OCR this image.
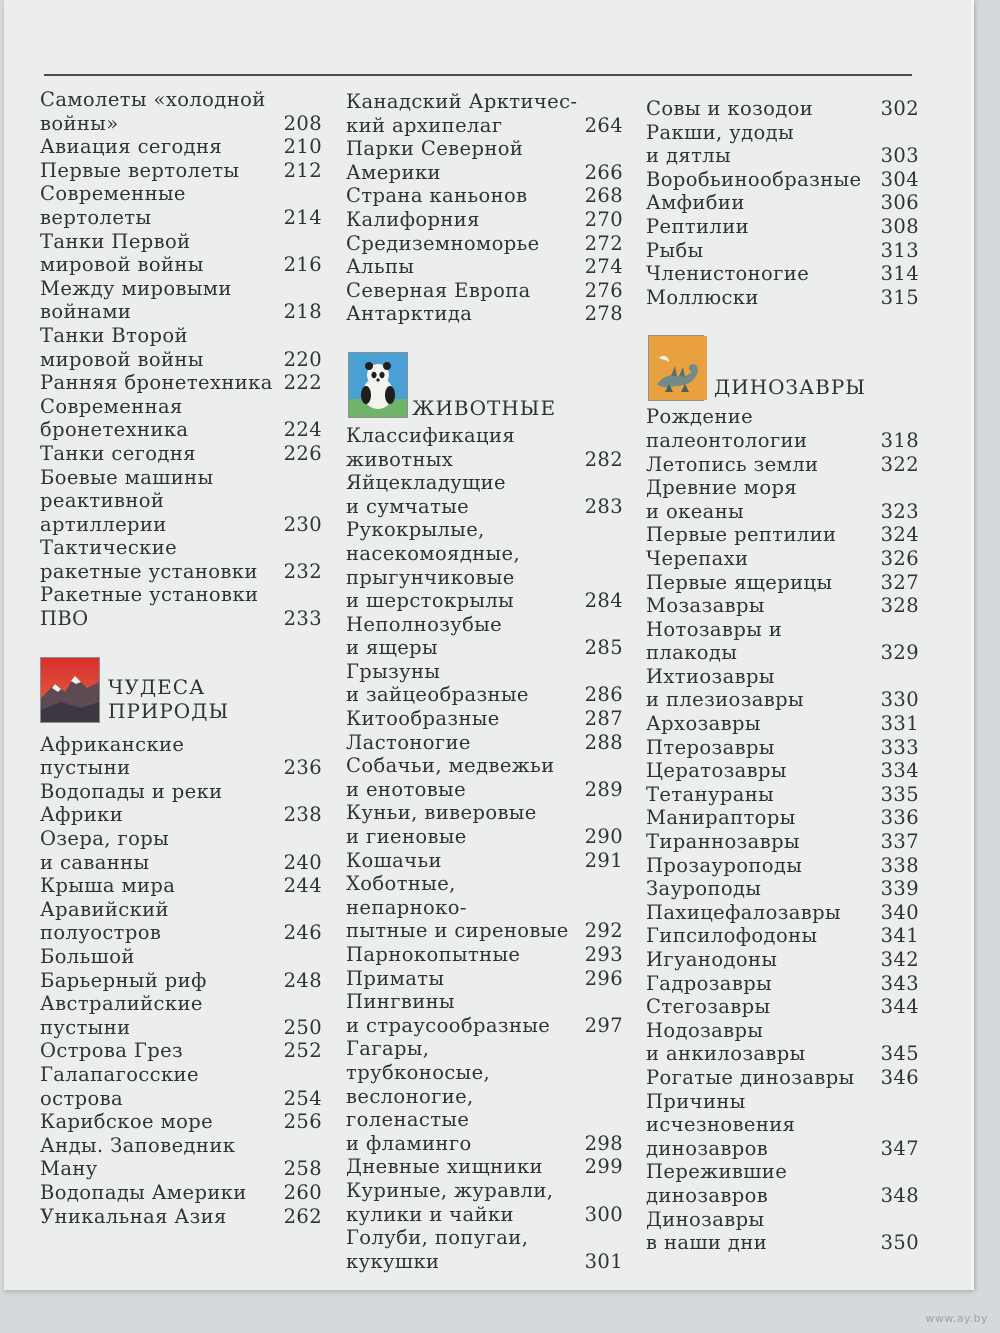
Самолеты «холодной
войны»	208
Авиация сегодня	210
Первые вертолеты	212
Современные
вертолеты	214
Танки Первой
мировой войны	216
Между мировыми
войнами	218
Танки Второй
мировой войны	220
Ранняя бронетехника 222
Современная
бронетехника	224
Танки сегодня	226
Боевые машины
реактивной
артиллерии	230
Тактические
ракетные установки	232
Ракетные установки
ПВО	233
ЧУДЕСА
ПРИРОДЫ
Африканские
пустыни	236
Водопады и реки
Африки	238
Озера, горы
и саванны	240
Крыша мира	244
Аравийский
полуостров	246
Большой
Барьерный риф	248
Австралийские
пустыни	250
Острова Грез	252
Галапагосские
острова	254
Карибское море	256
Анды. Заповедник
Ману	258
Водопады Америки	260
Уникальная Азия	262
Канадский Арктичес-
кий архипелаг	264
Парки Северной
Америки	266
Страна каньонов	268
Калифорния	270
Средиземноморье	272
Альпы	274
Северная Европа	276
Антарктида	278
ЖИВОТНЫЕ
Классификация
животных	282
Яйцекладущие
и сумчатые	283
Рукокрылые,
насекомоядные,
прыгунчиковые
и шерстокрылы	284
Неполнозубые
и ящеры	285
Грызуны
и зайцеобразные	286
Китообразные	287
Ластоногие	288
Собачьи, медвежьи
и енотовые	289
Куньи, виверовые
и гиеновые	290
Кошачьи	291
Хоботные, непарноко-
пытные и сиреновые 292
Парнокопытные	293
Приматы	296
Пингвины
и страусообразные	297
Гагары, трубконосые,
веслоногие,
голенастые
и фламинго	298
Дневные хищники	299
Куриные, журавли,
кулики и чайки	300
Голуби, попугаи,
кукушки	301
Совы и козодои	302
Ракши, удоды
и дятлы	303
Воробьинообразные 304
Амфибии	306
Рептилии	308
Рыбы	313
Членистоногие	314
Моллюски	315
ДИНОЗАВРЫ
Рождение
палеонтологии	318
Летопись земли	322
Древние моря
и океаны	323
Первые рептилии	324
Черепахи	326
Первые ящерицы	327
Мозазавры	328
Нотозавры и плакоды	329
Ихтиозавры
и плезиозавры	330
Архозавры	331
Птерозавры	333
Цератозавры	334
Тетанураны	335
Манирапторы	336
Тираннозавры	337
Прозауроподы	338
Зауроподы	339
Пахицефалозавры	340
Гипсилофодоны	341
Игуанодоны	342
Гадрозавры	343
Стегозавры	344
Нодозавры
и анкилозавры	345
Рогатые динозавры	346
Причины
исчезновения
динозавров	347
Пережившие
динозавров	348
Динозавры
в наши дни	350
www.ay.by
